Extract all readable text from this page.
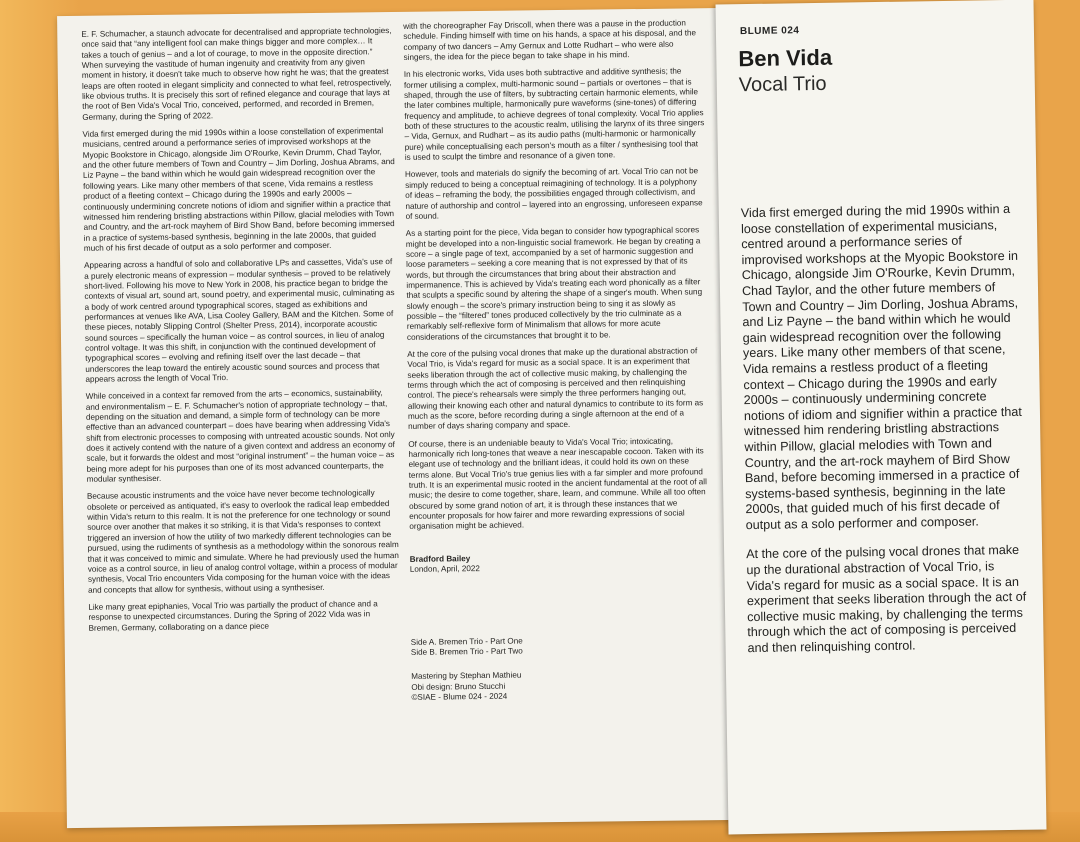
E. F. Schumacher, a staunch advocate for decentralised and appropriate technologies, once said that “any intelligent fool can make things bigger and more complex… It takes a touch of genius – and a lot of courage, to move in the opposite direction.” When surveying the vastitude of human ingenuity and creativity from any given moment in history, it doesn't take much to observe how right he was; that the greatest leaps are often rooted in elegant simplicity and connected to what feel, retrospectively, like obvious truths. It is precisely this sort of refined elegance and courage that lays at the root of Ben Vida's Vocal Trio, conceived, performed, and recorded in Bremen, Germany, during the Spring of 2022.

Vida first emerged during the mid 1990s within a loose constellation of experimental musicians, centred around a performance series of improvised workshops at the Myopic Bookstore in Chicago, alongside Jim O'Rourke, Kevin Drumm, Chad Taylor, and the other future members of Town and Country – Jim Dorling, Joshua Abrams, and Liz Payne – the band within which he would gain widespread recognition over the following years. Like many other members of that scene, Vida remains a restless product of a fleeting context – Chicago during the 1990s and early 2000s – continuously undermining concrete notions of idiom and signifier within a practice that witnessed him rendering bristling abstractions within Pillow, glacial melodies with Town and Country, and the art-rock mayhem of Bird Show Band, before becoming immersed in a practice of systems-based synthesis, beginning in the late 2000s, that guided much of his first decade of output as a solo performer and composer.

Appearing across a handful of solo and collaborative LPs and cassettes, Vida's use of a purely electronic means of expression – modular synthesis – proved to be relatively short-lived. Following his move to New York in 2008, his practice began to bridge the contexts of visual art, sound art, sound poetry, and experimental music, culminating as a body of work centred around typographical scores, staged as exhibitions and performances at venues like AVA, Lisa Cooley Gallery, BAM and the Kitchen. Some of these pieces, notably Slipping Control (Shelter Press, 2014), incorporate acoustic sound sources – specifically the human voice – as control sources, in lieu of analog control voltage. It was this shift, in conjunction with the continued development of typographical scores – evolving and refining itself over the last decade – that underscores the leap toward the entirely acoustic sound sources and process that appears across the length of Vocal Trio.

While conceived in a context far removed from the arts – economics, sustainability, and environmentalism – E. F. Schumacher's notion of appropriate technology – that, depending on the situation and demand, a simple form of technology can be more effective than an advanced counterpart – does have bearing when addressing Vida's shift from electronic processes to composing with untreated acoustic sounds. Not only does it actively contend with the nature of a given context and address an economy of scale, but it forwards the oldest and most “original instrument” – the human voice – as being more adept for his purposes than one of its most advanced counterparts, the modular synthesiser.

Because acoustic instruments and the voice have never become technologically obsolete or perceived as antiquated, it's easy to overlook the radical leap embedded within Vida's return to this realm. It is not the preference for one technology or sound source over another that makes it so striking, it is that Vida's responses to context triggered an inversion of how the utility of two markedly different technologies can be pursued, using the rudiments of synthesis as a methodology within the sonorous realm that it was conceived to mimic and simulate. Where he had previously used the human voice as a control source, in lieu of analog control voltage, within a process of modular synthesis, Vocal Trio encounters Vida composing for the human voice with the ideas and concepts that allow for synthesis, without using a synthesiser.

Like many great epiphanies, Vocal Trio was partially the product of chance and a response to unexpected circumstances. During the Spring of 2022 Vida was in Bremen, Germany, collaborating on a dance piece

with the choreographer Fay Driscoll, when there was a pause in the production schedule. Finding himself with time on his hands, a space at his disposal, and the company of two dancers – Amy Gernux and Lotte Rudhart – who were also singers, the idea for the piece began to take shape in his mind.

In his electronic works, Vida uses both subtractive and additive synthesis; the former utilising a complex, multi-harmonic sound – partials or overtones – that is shaped, through the use of filters, by subtracting certain harmonic elements, while the later combines multiple, harmonically pure waveforms (sine-tones) of differing frequency and amplitude, to achieve degrees of tonal complexity. Vocal Trio applies both of these structures to the acoustic realm, utilising the larynx of its three singers – Vida, Gernux, and Rudhart – as its audio paths (multi-harmonic or harmonically pure) while conceptualising each person's mouth as a filter / synthesising tool that is used to sculpt the timbre and resonance of a given tone.

However, tools and materials do signify the becoming of art. Vocal Trio can not be simply reduced to being a conceptual reimagining of technology. It is a polyphony of ideas – reframing the body, the possibilities engaged through collectivism, and nature of authorship and control – layered into an engrossing, unforeseen expanse of sound.

As a starting point for the piece, Vida began to consider how typographical scores might be developed into a non-linguistic social framework. He began by creating a score – a single page of text, accompanied by a set of harmonic suggestion and loose parameters – seeking a core meaning that is not expressed by that of its words, but through the circumstances that bring about their abstraction and impermanence. This is achieved by Vida's treating each word phonically as a filter that sculpts a specific sound by altering the shape of a singer's mouth. When sung slowly enough – the score's primary instruction being to sing it as slowly as possible – the “filtered” tones produced collectively by the trio culminate as a remarkably self-reflexive form of Minimalism that allows for more acute considerations of the circumstances that brought it to be.

At the core of the pulsing vocal drones that make up the durational abstraction of Vocal Trio, is Vida's regard for music as a social space. It is an experiment that seeks liberation through the act of collective music making, by challenging the terms through which the act of composing is perceived and then relinquishing control. The piece's rehearsals were simply the three performers hanging out, allowing their knowing each other and natural dynamics to contribute to its form as much as the score, before recording during a single afternoon at the end of a number of days sharing company and space.

Of course, there is an undeniable beauty to Vida's Vocal Trio; intoxicating, harmonically rich long-tones that weave a near inescapable cocoon. Taken with its elegant use of technology and the brilliant ideas, it could hold its own on these terms alone. But Vocal Trio's true genius lies with a far simpler and more profound truth. It is an experimental music rooted in the ancient fundamental at the root of all music; the desire to come together, share, learn, and commune. While all too often obscured by some grand notion of art, it is through these instances that we encounter proposals for how fairer and more rewarding expressions of social organisation might be achieved.

Bradford Bailey

London, April, 2022

Side A. Bremen Trio - Part One

Side B. Bremen Trio - Part Two

Mastering by Stephan Mathieu

Obi design: Bruno Stucchi

©SIAE - Blume 024 - 2024

BLUME 024
Ben Vida
Vocal Trio

Vida first emerged during the mid 1990s within a loose constellation of experimental musicians, centred around a performance series of improvised workshops at the Myopic Bookstore in Chicago, alongside Jim O'Rourke, Kevin Drumm, Chad Taylor, and the other future members of Town and Country – Jim Dorling, Joshua Abrams, and Liz Payne – the band within which he would gain widespread recognition over the following years. Like many other members of that scene, Vida remains a restless product of a fleeting context – Chicago during the 1990s and early 2000s – continuously undermining concrete notions of idiom and signifier within a practice that witnessed him rendering bristling abstractions within Pillow, glacial melodies with Town and Country, and the art-rock mayhem of Bird Show Band, before becoming immersed in a practice of systems-based synthesis, beginning in the late 2000s, that guided much of his first decade of output as a solo performer and composer.

At the core of the pulsing vocal drones that make up the durational abstraction of Vocal Trio, is Vida's regard for music as a social space. It is an experiment that seeks liberation through the act of collective music making, by challenging the terms through which the act of composing is perceived and then relinquishing control.
